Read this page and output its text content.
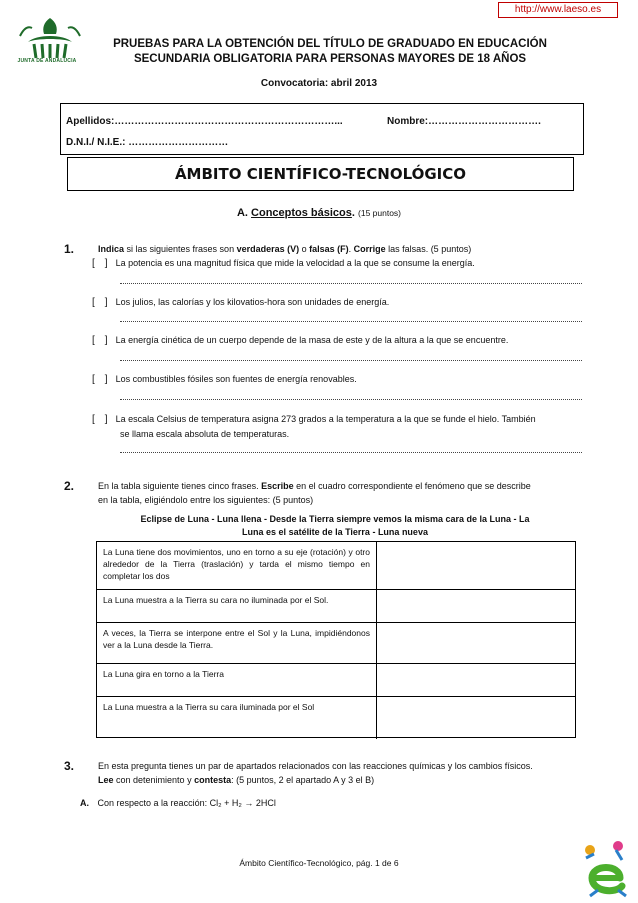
http://www.laeso.es
JUNTA DE ANDALUCIA
PRUEBAS PARA LA OBTENCIÓN DEL TÍTULO DE GRADUADO EN EDUCACIÓN
SECUNDARIA OBLIGATORIA PARA PERSONAS MAYORES DE 18 AÑOS
Convocatoria: abril 2013
Apellidos:…………………………………………………………...	Nombre:…………………………….
D.N.I./ N.I.E.: …………………………
ÁMBITO CIENTÍFICO-TECNOLÓGICO
A. Conceptos básicos. (15 puntos)
1.	Indica si las siguientes frases son verdaderas (V) o falsas (F). Corrige las falsas. (5 puntos)
[ ] La potencia es una magnitud física que mide la velocidad a la que se consume la energía.
[ ] Los julios, las calorías y los kilovatios-hora son unidades de energía.
[ ] La energía cinética de un cuerpo depende de la masa de este y de la altura a la que se encuentre.
[ ] Los combustibles fósiles son fuentes de energía renovables.
[ ] La escala Celsius de temperatura asigna 273 grados a la temperatura a la que se funde el hielo. También
se llama escala absoluta de temperaturas.
2.	En la tabla siguiente tienes cinco frases. Escribe en el cuadro correspondiente el fenómeno que se describe
en la tabla, eligiéndolo entre los siguientes: (5 puntos)
Eclipse de Luna - Luna llena - Desde la Tierra siempre vemos la misma cara de la Luna - La
Luna es el satélite de la Tierra - Luna nueva
La Luna tiene dos movimientos, uno en torno a su eje (rotación) y otro alrededor de la Tierra (traslación) y tarda el mismo tiempo en completar los dos
La Luna muestra a la Tierra su cara no iluminada por el Sol.
A veces, la Tierra se interpone entre el Sol y la Luna, impidiéndonos ver a la Luna desde la Tierra.
La Luna gira en torno a la Tierra
La Luna muestra a la Tierra su cara iluminada por el Sol
3.	En esta pregunta tienes un par de apartados relacionados con las reacciones químicas y los cambios físicos.
Lee con detenimiento y contesta: (5 puntos, 2 el apartado A y 3 el B)
A. Con respecto a la reacción: Cl₂ + H₂ → 2HCl
Ámbito Científico-Tecnológico, pág. 1 de 6
